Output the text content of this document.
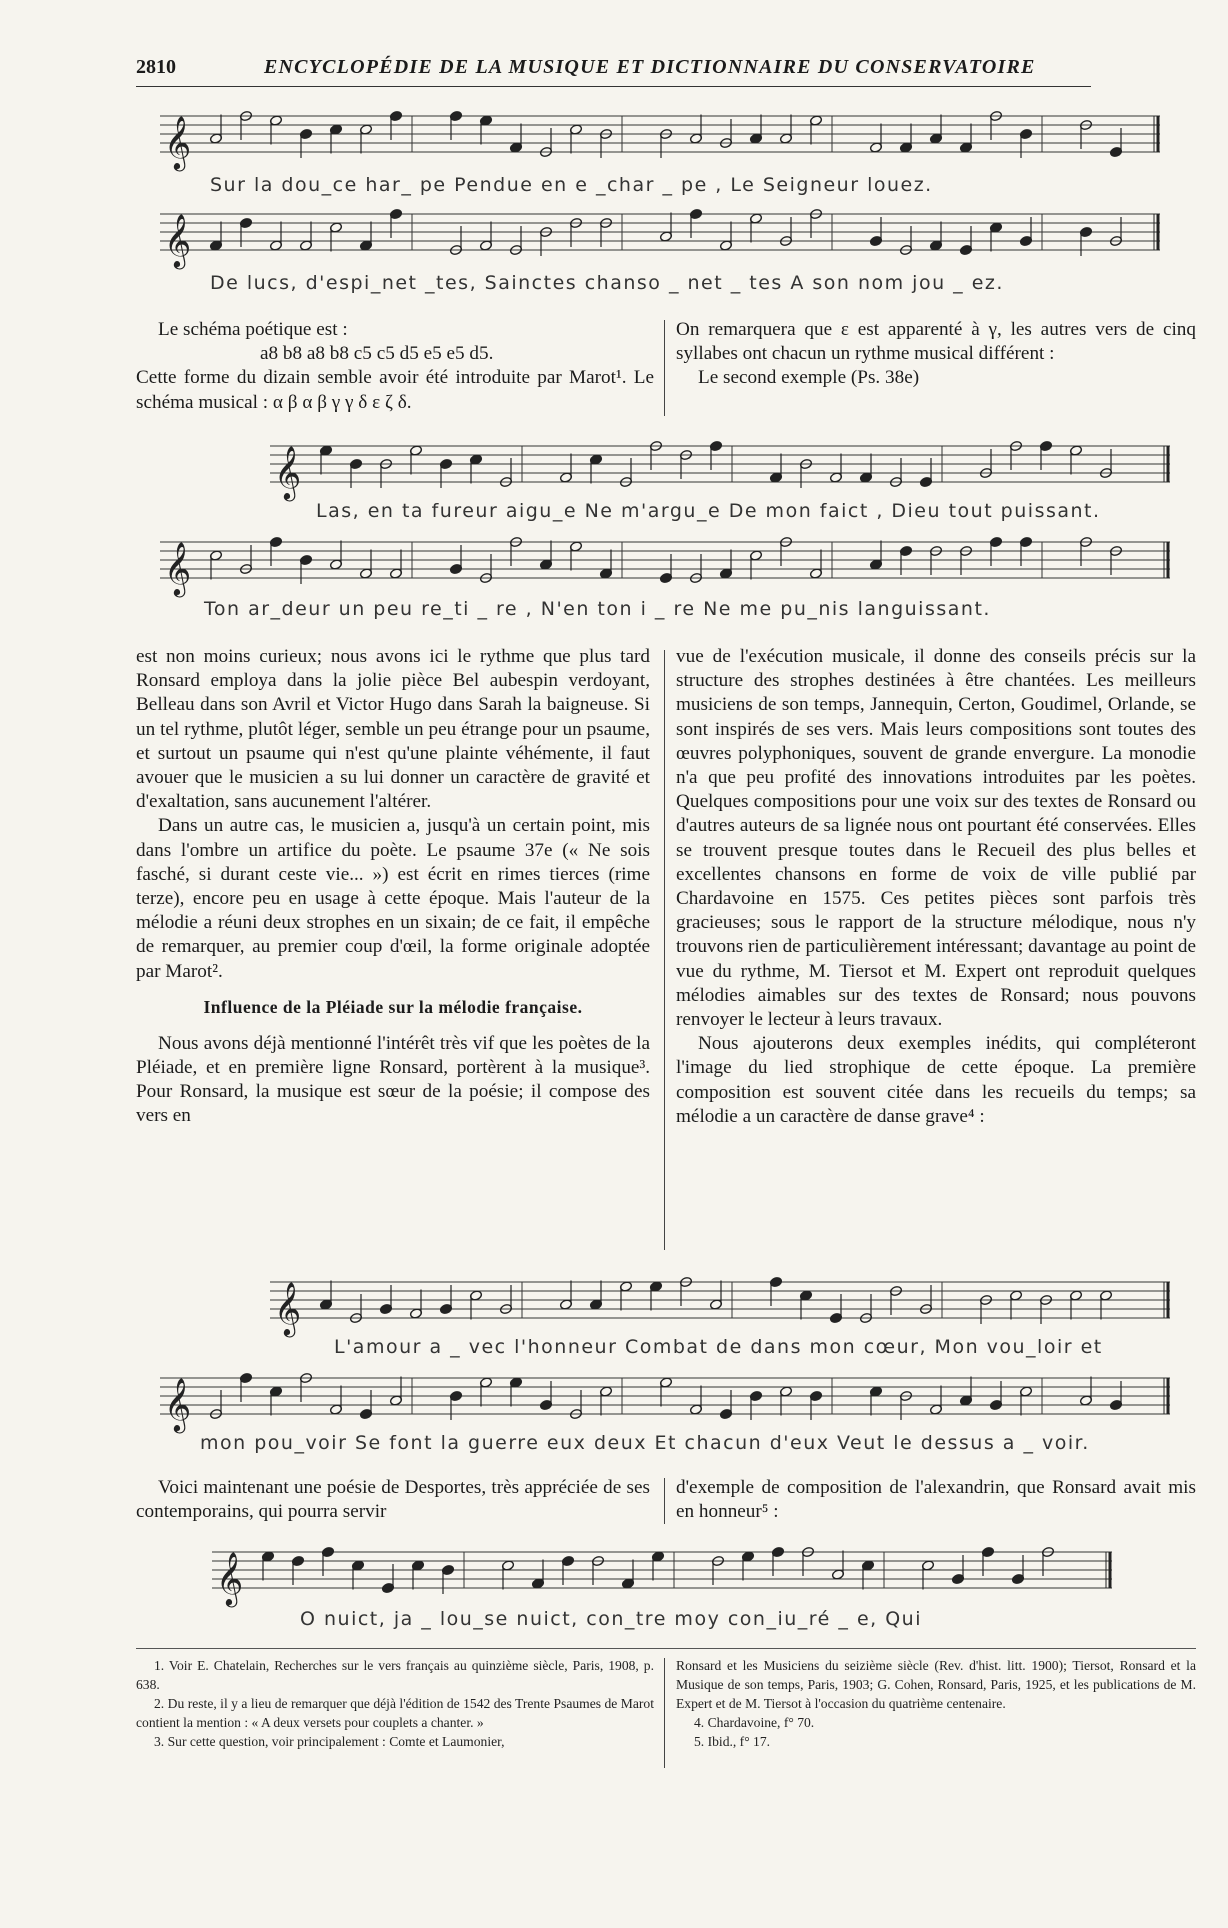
2810	ENCYCLOPÉDIE DE LA MUSIQUE ET DICTIONNAIRE DU CONSERVATOIRE
𝄞
Sur la dou_ce har_ pe Pendue en e _char _ pe , Le Seigneur louez.
𝄞
De lucs, d'espi_net _tes, Sainctes chanso _ net _ tes A son nom jou _ ez.

Le schéma poétique est :

a8 b8 a8 b8 c5 c5 d5 e5 e5 d5.

Cette forme du dizain semble avoir été introduite par Marot¹. Le schéma musical : α β α β γ γ δ ε ζ δ.

On remarquera que ε est apparenté à γ, les autres vers de cinq syllabes ont chacun un rythme musical différent :

Le second exemple (Ps. 38e)

𝄞
Las, en ta fureur aigu_e Ne m'argu_e De mon faict , Dieu tout puissant.
𝄞
Ton ar_deur un peu re_ti _ re , N'en ton i _ re Ne me pu_nis languissant.

est non moins curieux; nous avons ici le rythme que plus tard Ronsard employa dans la jolie pièce Bel aubespin verdoyant, Belleau dans son Avril et Victor Hugo dans Sarah la baigneuse. Si un tel rythme, plutôt léger, semble un peu étrange pour un psaume, et surtout un psaume qui n'est qu'une plainte véhémente, il faut avouer que le musicien a su lui donner un caractère de gravité et d'exaltation, sans aucunement l'altérer.

Dans un autre cas, le musicien a, jusqu'à un certain point, mis dans l'ombre un artifice du poète. Le psaume 37e (« Ne sois fasché, si durant ceste vie... ») est écrit en rimes tierces (rime terze), encore peu en usage à cette époque. Mais l'auteur de la mélodie a réuni deux strophes en un sixain; de ce fait, il empêche de remarquer, au premier coup d'œil, la forme originale adoptée par Marot².

Influence de la Pléiade sur la mélodie française.

Nous avons déjà mentionné l'intérêt très vif que les poètes de la Pléiade, et en première ligne Ronsard, portèrent à la musique³. Pour Ronsard, la musique est sœur de la poésie; il compose des vers en

vue de l'exécution musicale, il donne des conseils précis sur la structure des strophes destinées à être chantées. Les meilleurs musiciens de son temps, Jannequin, Certon, Goudimel, Orlande, se sont inspirés de ses vers. Mais leurs compositions sont toutes des œuvres polyphoniques, souvent de grande envergure. La monodie n'a que peu profité des innovations introduites par les poètes. Quelques compositions pour une voix sur des textes de Ronsard ou d'autres auteurs de sa lignée nous ont pourtant été conservées. Elles se trouvent presque toutes dans le Recueil des plus belles et excellentes chansons en forme de voix de ville publié par Chardavoine en 1575. Ces petites pièces sont parfois très gracieuses; sous le rapport de la structure mélodique, nous n'y trouvons rien de particulièrement intéressant; davantage au point de vue du rythme, M. Tiersot et M. Expert ont reproduit quelques mélodies aimables sur des textes de Ronsard; nous pouvons renvoyer le lecteur à leurs travaux.

Nous ajouterons deux exemples inédits, qui compléteront l'image du lied strophique de cette époque. La première composition est souvent citée dans les recueils du temps; sa mélodie a un caractère de danse grave⁴ :

𝄞
L'amour a _ vec l'honneur Combat de dans mon cœur, Mon vou_loir et
𝄞
mon pou_voir Se font la guerre eux deux Et chacun d'eux Veut le dessus a _ voir.

Voici maintenant une poésie de Desportes, très appréciée de ses contemporains, qui pourra servir

d'exemple de composition de l'alexandrin, que Ronsard avait mis en honneur⁵ :

𝄞
O nuict, ja _ lou_se nuict, con_tre moy con_iu_ré _ e, Qui

1. Voir E. Chatelain, Recherches sur le vers français au quinzième siècle, Paris, 1908, p. 638.

2. Du reste, il y a lieu de remarquer que déjà l'édition de 1542 des Trente Psaumes de Marot contient la mention : « A deux versets pour couplets a chanter. »

3. Sur cette question, voir principalement : Comte et Laumonier,

Ronsard et les Musiciens du seizième siècle (Rev. d'hist. litt. 1900); Tiersot, Ronsard et la Musique de son temps, Paris, 1903; G. Cohen, Ronsard, Paris, 1925, et les publications de M. Expert et de M. Tiersot à l'occasion du quatrième centenaire.

4. Chardavoine, f° 70.

5. Ibid., f° 17.
